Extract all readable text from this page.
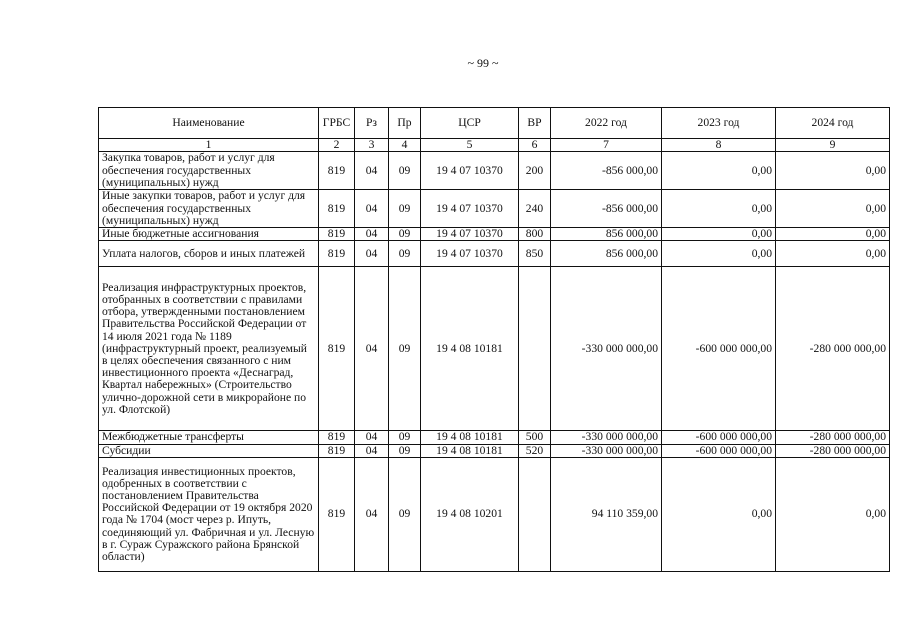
~ 99 ~
Наименование	ГРБС	Рз	Пр	ЦСР	ВР	2022 год	2023 год	2024 год
1	2	3	4	5	6	7	8	9
Закупка товаров, работ и услуг для обеспечения государственных (муниципальных) нужд	819	04	09	19 4 07 10370	200	-856 000,00	0,00	0,00
Иные закупки товаров, работ и услуг для обеспечения государственных (муниципальных) нужд	819	04	09	19 4 07 10370	240	-856 000,00	0,00	0,00
Иные бюджетные ассигнования	819	04	09	19 4 07 10370	800	856 000,00	0,00	0,00
Уплата налогов, сборов и иных платежей	819	04	09	19 4 07 10370	850	856 000,00	0,00	0,00
Реализация инфраструктурных проектов, отобранных в соответствии с правилами отбора, утвержденными постановлением Правительства Российской Федерации от 14 июля 2021 года № 1189 (инфраструктурный проект, реализуемый в целях обеспечения связанного с ним инвестиционного проекта «Деснаград, Квартал набережных» (Строительство улично-дорожной сети в микрорайоне по ул. Флотской)	819	04	09	19 4 08 10181		-330 000 000,00	-600 000 000,00	-280 000 000,00
Межбюджетные трансферты	819	04	09	19 4 08 10181	500	-330 000 000,00	-600 000 000,00	-280 000 000,00
Субсидии	819	04	09	19 4 08 10181	520	-330 000 000,00	-600 000 000,00	-280 000 000,00
Реализация инвестиционных проектов, одобренных в соответствии с постановлением Правительства Российской Федерации от 19 октября 2020 года № 1704 (мост через р. Ипуть, соединяющий ул. Фабричная и ул. Лесную в г. Сураж Суражского района Брянской области)	819	04	09	19 4 08 10201		94 110 359,00	0,00	0,00
